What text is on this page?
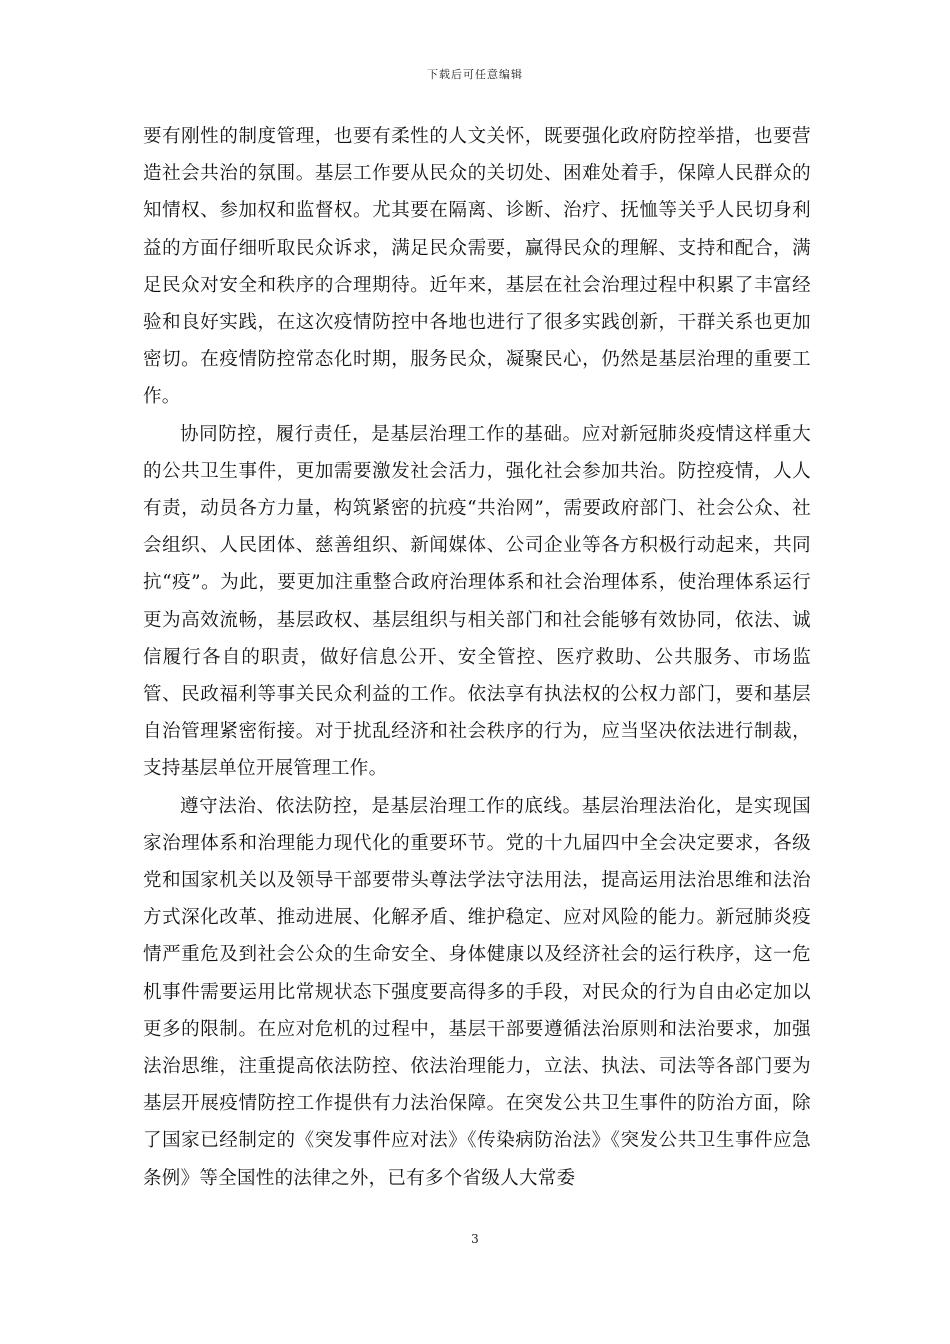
下载后可任意编辑

要有刚性的制度管理，也要有柔性的人文关怀，既要强化政府防控举措，也要营造社会共治的氛围。基层工作要从民众的关切处、困难处着手，保障人民群众的知情权、参加权和监督权。尤其要在隔离、诊断、治疗、抚恤等关乎人民切身利益的方面仔细听取民众诉求，满足民众需要，赢得民众的理解、支持和配合，满足民众对安全和秩序的合理期待。近年来，基层在社会治理过程中积累了丰富经验和良好实践，在这次疫情防控中各地也进行了很多实践创新，干群关系也更加密切。在疫情防控常态化时期，服务民众，凝聚民心，仍然是基层治理的重要工作。

协同防控，履行责任，是基层治理工作的基础。应对新冠肺炎疫情这样重大的公共卫生事件，更加需要激发社会活力，强化社会参加共治。防控疫情，人人有责，动员各方力量，构筑紧密的抗疫“共治网”，需要政府部门、社会公众、社会组织、人民团体、慈善组织、新闻媒体、公司企业等各方积极行动起来，共同抗“疫”。为此，要更加注重整合政府治理体系和社会治理体系，使治理体系运行更为高效流畅，基层政权、基层组织与相关部门和社会能够有效协同，依法、诚信履行各自的职责，做好信息公开、安全管控、医疗救助、公共服务、市场监管、民政福利等事关民众利益的工作。依法享有执法权的公权力部门，要和基层自治管理紧密衔接。对于扰乱经济和社会秩序的行为，应当坚决依法进行制裁，支持基层单位开展管理工作。

遵守法治、依法防控，是基层治理工作的底线。基层治理法治化，是实现国家治理体系和治理能力现代化的重要环节。党的十九届四中全会决定要求，各级党和国家机关以及领导干部要带头尊法学法守法用法，提高运用法治思维和法治方式深化改革、推动进展、化解矛盾、维护稳定、应对风险的能力。新冠肺炎疫情严重危及到社会公众的生命安全、身体健康以及经济社会的运行秩序，这一危机事件需要运用比常规状态下强度要高得多的手段，对民众的行为自由必定加以更多的限制。在应对危机的过程中，基层干部要遵循法治原则和法治要求，加强法治思维，注重提高依法防控、依法治理能力，立法、执法、司法等各部门要为基层开展疫情防控工作提供有力法治保障。在突发公共卫生事件的防治方面，除了国家已经制定的《突发事件应对法》《传染病防治法》《突发公共卫生事件应急条例》等全国性的法律之外，已有多个省级人大常委

3
